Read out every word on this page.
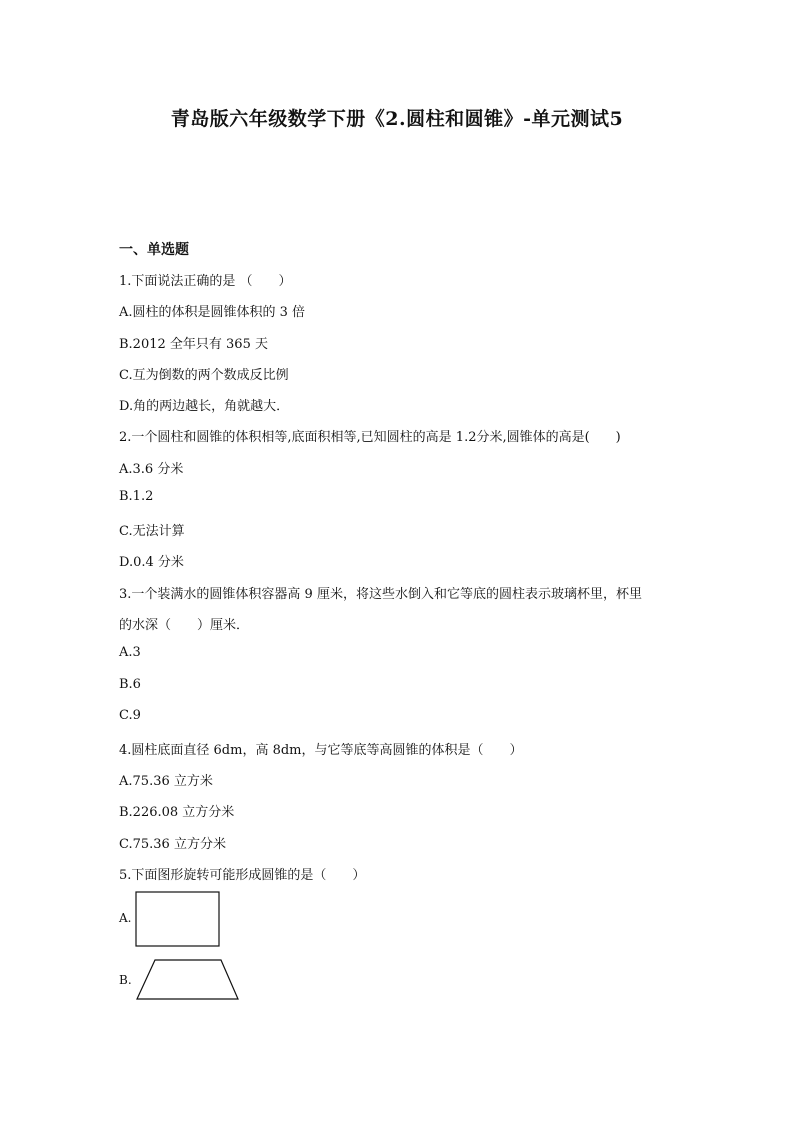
青岛版六年级数学下册《2.圆柱和圆锥》-单元测试5
一、单选题
1.下面说法正确的是 （　　）
A.圆柱的体积是圆锥体积的 3 倍
B.2012 全年只有 365 天
C.互为倒数的两个数成反比例
D.角的两边越长，角就越大．
2.一个圆柱和圆锥的体积相等,底面积相等,已知圆柱的高是 1.2分米,圆锥体的高是(　　)
A.3.6 分米
B.1.2
C.无法计算
D.0.4 分米
3.一个装满水的圆锥体积容器高 9 厘米，将这些水倒入和它等底的圆柱表示玻璃杯里，杯里
的水深（　　）厘米．
A.3
B.6
C.9
4.圆柱底面直径 6dm，高 8dm，与它等底等高圆锥的体积是（　　）
A.75.36 立方米
B.226.08 立方分米
C.75.36 立方分米
5.下面图形旋转可能形成圆锥的是（　　）
A.
B.
